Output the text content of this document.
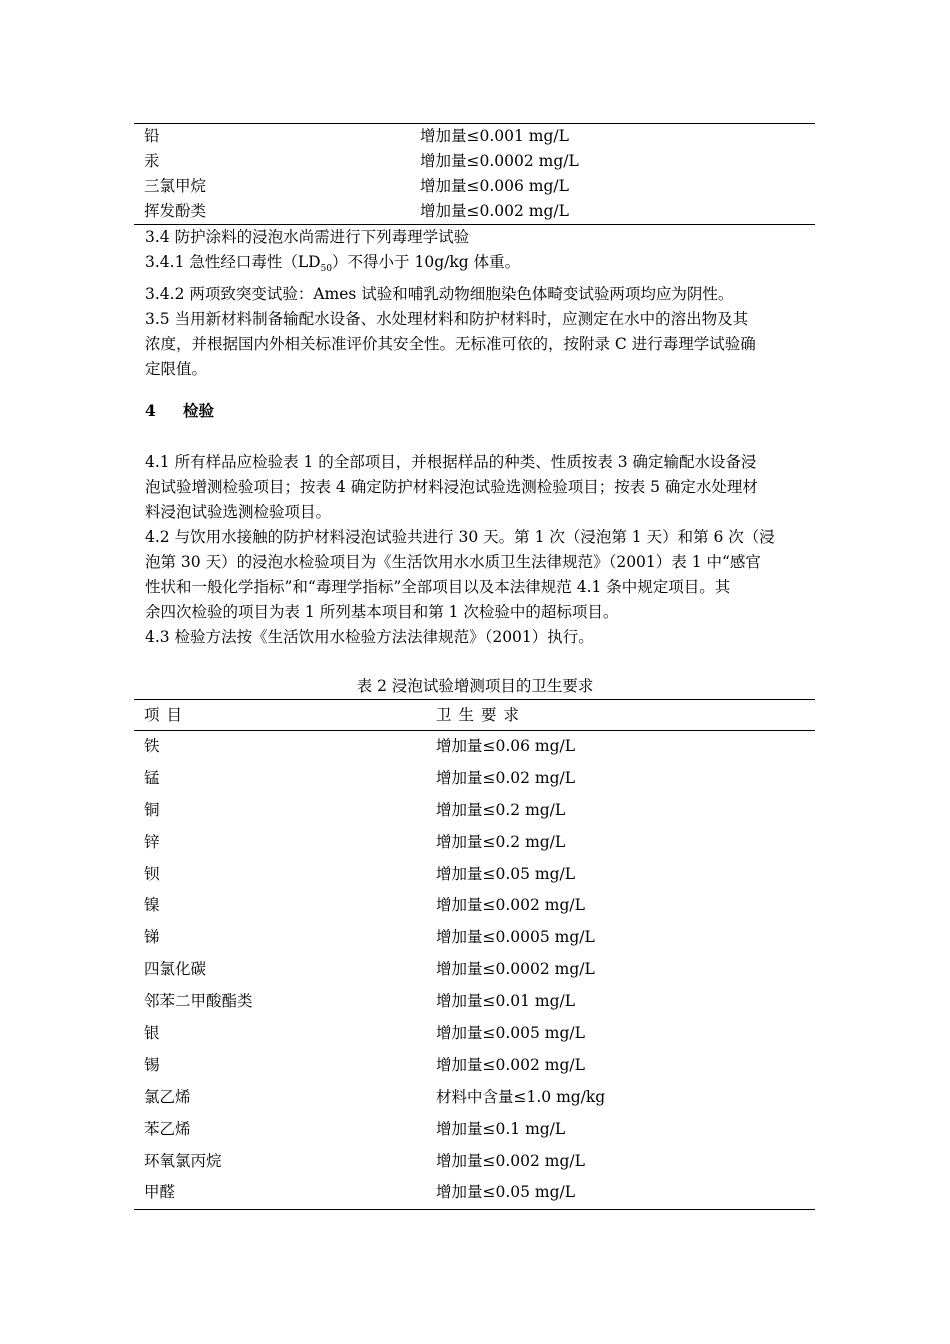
铅	增加量≤0.001 mg/L
汞	增加量≤0.0002 mg/L
三氯甲烷	增加量≤0.006 mg/L
挥发酚类	增加量≤0.002 mg/L
3.4 防护涂料的浸泡水尚需进行下列毒理学试验
3.4.1 急性经口毒性$(LD_{50})$不得小于 10g/kg 体重。
3.4.2 两项致突变试验：Ames 试验和哺乳动物细胞染色体畸变试验两项均应为阴性。
3.5 当用新材料制备输配水设备、水处理材料和防护材料时，应测定在水中的溶出物及其
浓度，并根据国内外相关标准评价其安全性。无标准可依的，按附录 C 进行毒理学试验确
定限值。
4 检验
4.1 所有样品应检验表 1 的全部项目，并根据样品的种类、性质按表 3 确定输配水设备浸
泡试验增测检验项目；按表 4 确定防护材料浸泡试验选测检验项目；按表 5 确定水处理材
料浸泡试验选测检验项目。
4.2 与饮用水接触的防护材料浸泡试验共进行 30 天。第 1 次（浸泡第 1 天）和第 6 次（浸
泡第 30 天）的浸泡水检验项目为《生活饮用水水质卫生法律规范》（2001）表 1 中“感官
性状和一般化学指标”和“毒理学指标”全部项目以及本法律规范 4.1 条中规定项目。其
余四次检验的项目为表 1 所列基本项目和第 1 次检验中的超标项目。
4.3 检验方法按《生活饮用水检验方法法律规范》（2001）执行。
表 2 浸泡试验增测项目的卫生要求
项目	卫生要求
铁	增加量≤0.06 mg/L
锰	增加量≤0.02 mg/L
铜	增加量≤0.2 mg/L
锌	增加量≤0.2 mg/L
钡	增加量≤0.05 mg/L
镍	增加量≤0.002 mg/L
锑	增加量≤0.0005 mg/L
四氯化碳	增加量≤0.0002 mg/L
邻苯二甲酸酯类	增加量≤0.01 mg/L
银	增加量≤0.005 mg/L
锡	增加量≤0.002 mg/L
氯乙烯	材料中含量≤1.0 mg/kg
苯乙烯	增加量≤0.1 mg/L
环氧氯丙烷	增加量≤0.002 mg/L
甲醛	增加量≤0.05 mg/L
